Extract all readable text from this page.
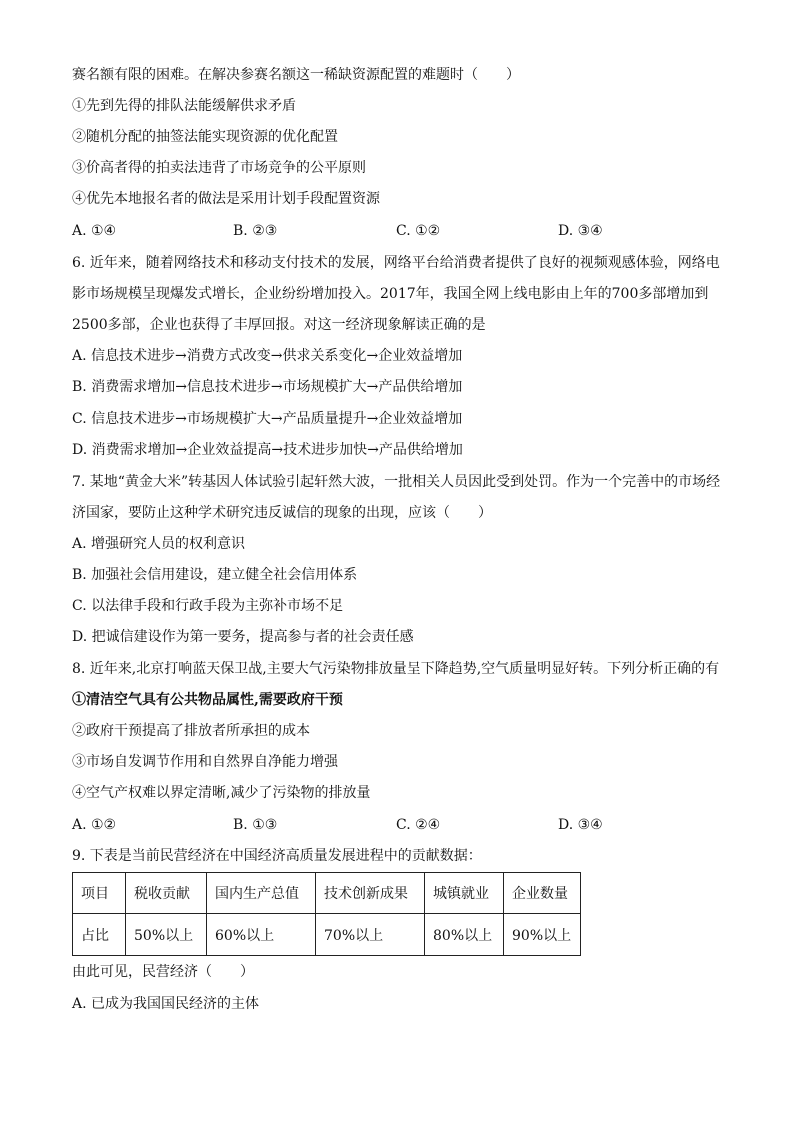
赛名额有限的困难。在解决参赛名额这一稀缺资源配置的难题时（　　）
①先到先得的排队法能缓解供求矛盾
②随机分配的抽签法能实现资源的优化配置
③价高者得的拍卖法违背了市场竞争的公平原则
④优先本地报名者的做法是采用计划手段配置资源
A. ①④	B. ②③	C. ①②	D. ③④
6. 近年来，随着网络技术和移动支付技术的发展，网络平台给消费者提供了良好的视频观感体验，网络电
影市场规模呈现爆发式增长，企业纷纷增加投入。2017年，我国全网上线电影由上年的700多部增加到
2500多部，企业也获得了丰厚回报。对这一经济现象解读正确的是
A. 信息技术进步→消费方式改变→供求关系变化→企业效益增加
B. 消费需求增加→信息技术进步→市场规模扩大→产品供给增加
C. 信息技术进步→市场规模扩大→产品质量提升→企业效益增加
D. 消费需求增加→企业效益提高→技术进步加快→产品供给增加
7. 某地“黄金大米”转基因人体试验引起轩然大波，一批相关人员因此受到处罚。作为一个完善中的市场经
济国家，要防止这种学术研究违反诚信的现象的出现，应该（　　）
A. 增强研究人员的权利意识
B. 加强社会信用建设，建立健全社会信用体系
C. 以法律手段和行政手段为主弥补市场不足
D. 把诚信建设作为第一要务，提高参与者的社会责任感
8. 近年来,北京打响蓝天保卫战,主要大气污染物排放量呈下降趋势,空气质量明显好转。下列分析正确的有
①清洁空气具有公共物品属性,需要政府干预
②政府干预提高了排放者所承担的成本
③市场自发调节作用和自然界自净能力增强
④空气产权难以界定清晰,减少了污染物的排放量
A. ①②	B. ①③	C. ②④	D. ③④
9. 下表是当前民营经济在中国经济高质量发展进程中的贡献数据：
项目	税收贡献	国内生产总值	技术创新成果	城镇就业	企业数量
占比	50%以上	60%以上	70%以上	80%以上	90%以上
由此可见，民营经济（　　）
A. 已成为我国国民经济的主体
